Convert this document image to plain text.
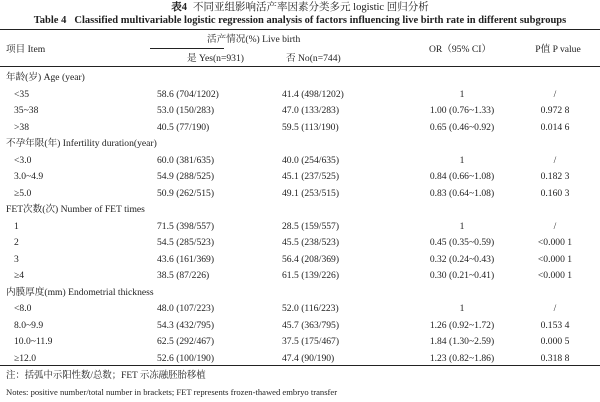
表4 不同亚组影响活产率因素分类多元 logistic 回归分析
Table 4 Classified multivariable logistic regression analysis of factors influencing live birth rate in different subgroups
项目 Item
活产情况(%) Live birth
是 Yes(n=931)	否 No(n=744)
OR（95% CI）	P值 P value
年龄(岁) Age (year)
<35	58.6 (704/1202)	41.4 (498/1202)	1	/
35~38	53.0 (150/283)	47.0 (133/283)	1.00 (0.76~1.33)	0.972 8
>38	40.5 (77/190)	59.5 (113/190)	0.65 (0.46~0.92)	0.014 6
不孕年限(年) Infertility duration(year)
<3.0	60.0 (381/635)	40.0 (254/635)	1	/
3.0~4.9	54.9 (288/525)	45.1 (237/525)	0.84 (0.66~1.08)	0.182 3
≥5.0	50.9 (262/515)	49.1 (253/515)	0.83 (0.64~1.08)	0.160 3
FET次数(次) Number of FET times
1	71.5 (398/557)	28.5 (159/557)	1	/
2	54.5 (285/523)	45.5 (238/523)	0.45 (0.35~0.59)	<0.000 1
3	43.6 (161/369)	56.4 (208/369)	0.32 (0.24~0.43)	<0.000 1
≥4	38.5 (87/226)	61.5 (139/226)	0.30 (0.21~0.41)	<0.000 1
内膜厚度(mm) Endometrial thickness
<8.0	48.0 (107/223)	52.0 (116/223)	1	/
8.0~9.9	54.3 (432/795)	45.7 (363/795)	1.26 (0.92~1.72)	0.153 4
10.0~11.9	62.5 (292/467)	37.5 (175/467)	1.84 (1.30~2.59)	0.000 5
≥12.0	52.6 (100/190)	47.4 (90/190)	1.23 (0.82~1.86)	0.318 8
注：括弧中示阳性数/总数；FET 示冻融胚胎移植
Notes: positive number/total number in brackets; FET represents frozen-thawed embryo transfer
